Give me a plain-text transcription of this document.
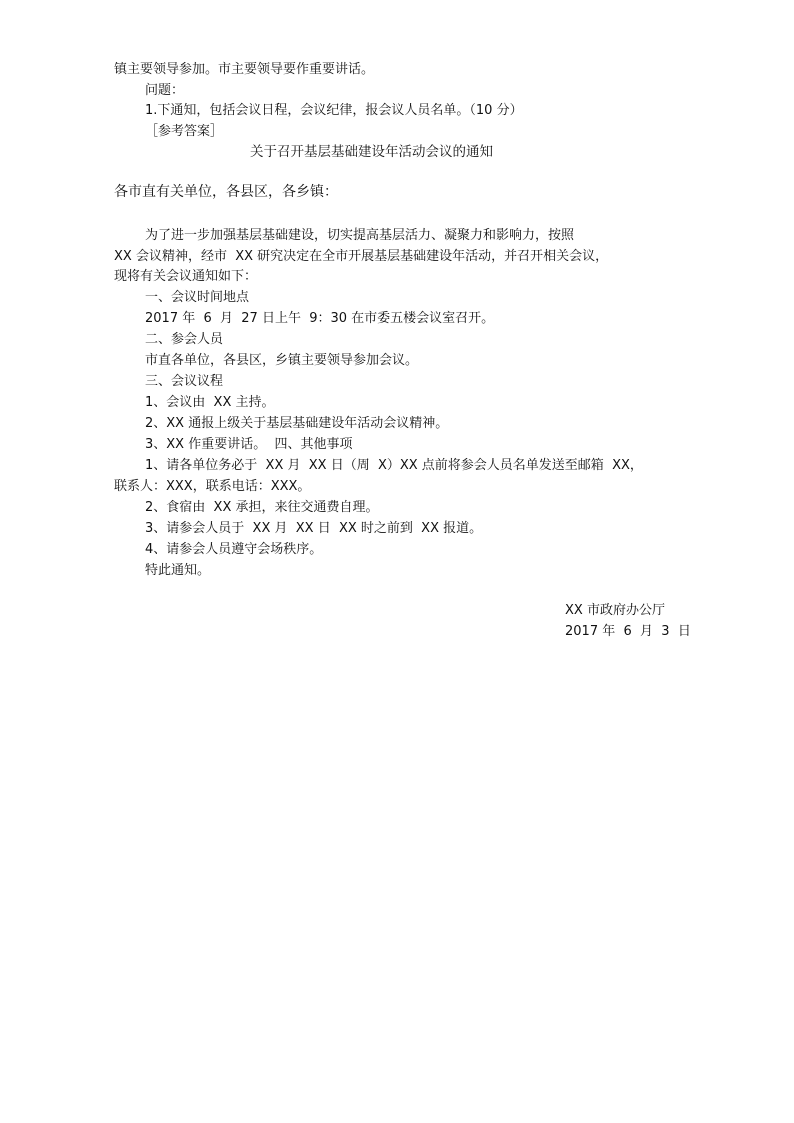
镇主要领导参加。市主要领导要作重要讲话。

问题：

1.下通知，包括会议日程，会议纪律，报会议人员名单。（10 分）

［参考答案］

关于召开基层基础建设年活动会议的通知

各市直有关单位，各县区，各乡镇：

为了进一步加强基层基础建设，切实提高基层活力、凝聚力和影响力，按照

XX 会议精神，经市  XX 研究决定在全市开展基层基础建设年活动，并召开相关会议，

现将有关会议通知如下：

一、会议时间地点

2017 年  6  月  27 日上午  9：30 在市委五楼会议室召开。

二、参会人员

市直各单位，各县区，乡镇主要领导参加会议。

三、会议议程

1、会议由  XX 主持。

2、XX 通报上级关于基层基础建设年活动会议精神。

3、XX 作重要讲话。  四、其他事项

1、请各单位务必于  XX 月  XX 日（周  X）XX 点前将参会人员名单发送至邮箱  XX，

联系人：XXX，联系电话：XXX。

2、食宿由  XX 承担，来往交通费自理。

3、请参会人员于  XX 月  XX 日  XX 时之前到  XX 报道。

4、请参会人员遵守会场秩序。

特此通知。

XX 市政府办公厅

2017 年  6  月  3  日
